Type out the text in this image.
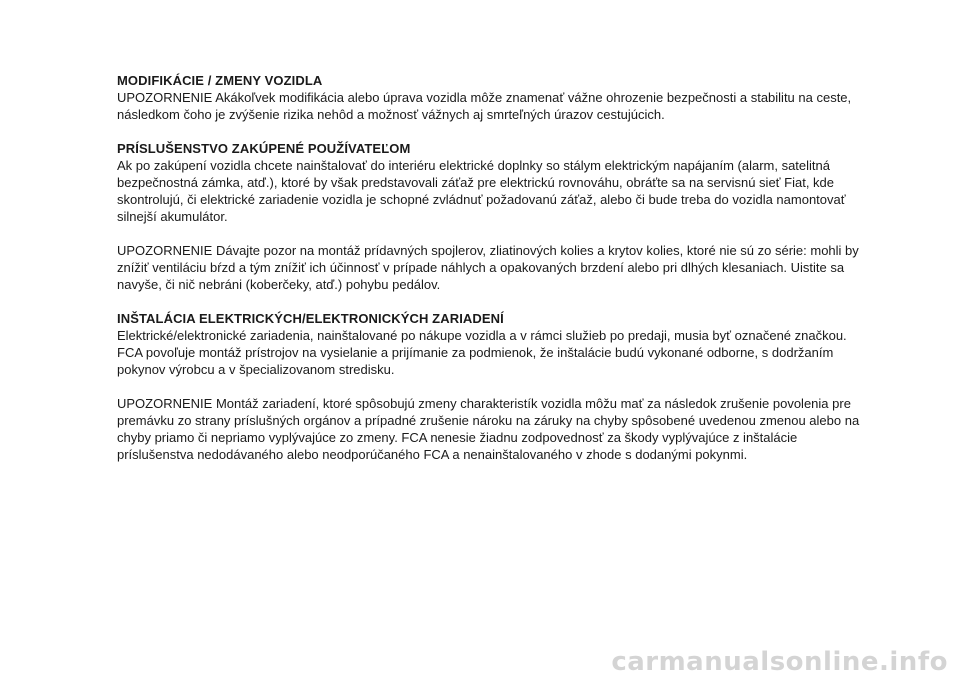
MODIFIKÁCIE / ZMENY VOZIDLA

UPOZORNENIE Akákoľvek modifikácia alebo úprava vozidla môže znamenať vážne ohrozenie bezpečnosti a stabilitu na ceste, následkom čoho je zvýšenie rizika nehôd a možnosť vážnych aj smrteľných úrazov cestujúcich.

PRÍSLUŠENSTVO ZAKÚPENÉ POUŽÍVATEĽOM

Ak po zakúpení vozidla chcete nainštalovať do interiéru elektrické doplnky so stálym elektrickým napájaním (alarm, satelitná bezpečnostná zámka, atď.), ktoré by však predstavovali záťaž pre elektrickú rovnováhu, obráťte sa na servisnú sieť Fiat, kde skontrolujú, či elektrické zariadenie vozidla je schopné zvládnuť požadovanú záťaž, alebo či bude treba do vozidla namontovať silnejší akumulátor.

UPOZORNENIE Dávajte pozor na montáž prídavných spojlerov, zliatinových kolies a krytov kolies, ktoré nie sú zo série: mohli by znížiť ventiláciu bŕzd a tým znížiť ich účinnosť v prípade náhlych a opakovaných brzdení alebo pri dlhých klesaniach. Uistite sa navyše, či nič nebráni (koberčeky, atď.) pohybu pedálov.

INŠTALÁCIA ELEKTRICKÝCH/ELEKTRONICKÝCH ZARIADENÍ

Elektrické/elektronické zariadenia, nainštalované po nákupe vozidla a v rámci služieb po predaji, musia byť označené značkou. FCA povoľuje montáž prístrojov na vysielanie a prijímanie za podmienok, že inštalácie budú vykonané odborne, s dodržaním pokynov výrobcu a v špecializovanom stredisku.

UPOZORNENIE Montáž zariadení, ktoré spôsobujú zmeny charakteristík vozidla môžu mať za následok zrušenie povolenia pre premávku zo strany príslušných orgánov a prípadné zrušenie nároku na záruky na chyby spôsobené uvedenou zmenou alebo na chyby priamo či nepriamo vyplývajúce zo zmeny. FCA nenesie žiadnu zodpovednosť za škody vyplývajúce z inštalácie príslušenstva nedodávaného alebo neodporúčaného FCA a nenainštalovaného v zhode s dodanými pokynmi.

carmanualsonline.info
